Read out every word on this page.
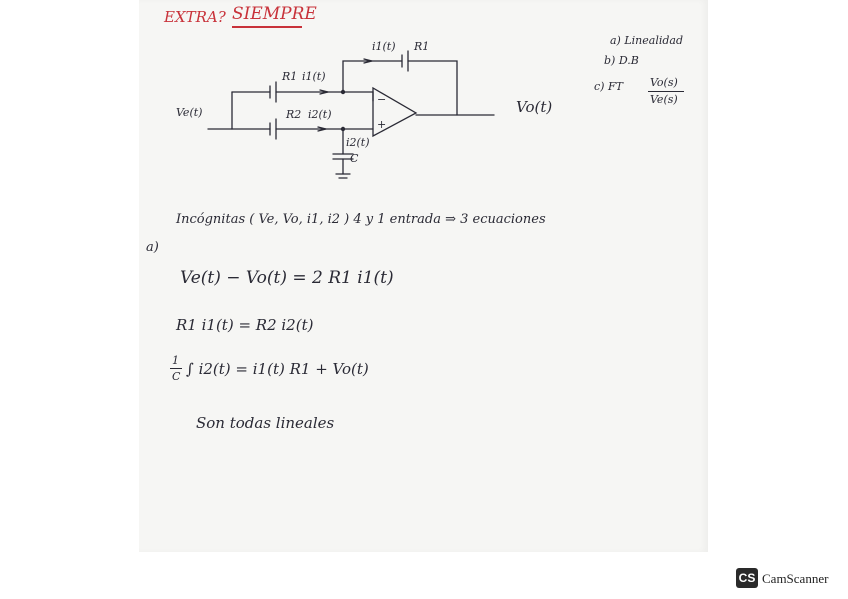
EXTRA? SIEMPRE
a) Linealidad
b) D.B
c) FT Vo(s)
Ve(s)
Ve(t)	Vo(t)
i1(t) R1
R1 i1(t)
R2 i2(t)
i2(t)
C
−
+
Incógnitas ( Ve, Vo, i1, i2 ) 4 y 1 entrada ⇒ 3 ecuaciones
a)
Ve(t) − Vo(t) = 2 R1 i1(t)
R1 i1(t) = R2 i2(t)
1
C ∫ i2(t) = i1(t) R1 + Vo(t)
Son todas lineales
CS CamScanner
